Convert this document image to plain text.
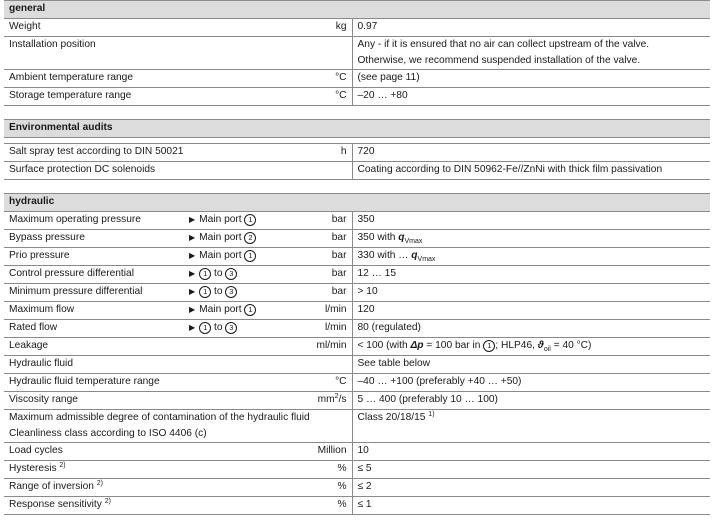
general			
Weight		kg	0.97
Installation position			Any - if it is ensured that no air can collect upstream of the valve.
Otherwise, we recommend suspended installation of the valve.

Ambient temperature range		°C	(see page 11)
Storage temperature range		°C	–20 … +80

Environmental audits			

Salt spray test according to DIN 50021		h	720
Surface protection DC solenoids			Coating according to DIN 50962-Fe//ZnNi with thick film passivation

hydraulic			
Maximum operating pressure	▶ Main port 1	bar	350
Bypass pressure	▶ Main port 2	bar	350 with $q_{Vmax}$
Prio pressure	▶ Main port 1	bar	330 with … $q_{Vmax}$
Control pressure differential	▶ 1 to 3	bar	12 … 15
Minimum pressure differential	▶ 1 to 3	bar	> 10
Maximum flow	▶ Main port 1	l/min	120
Rated flow	▶ 1 to 3	l/min	80 (regulated)
Leakage		ml/min	< 100 (with Δp = 100 bar in 1 ; HLP46, $ϑ_{oil} = 40$ °C)
Hydraulic fluid			See table below
Hydraulic fluid temperature range		°C	–40 … +100 (preferably +40 … +50)
Viscosity range		$mm^2/s$	5 … 400 (preferably 10 … 100)

Maximum admissible degree of contamination of the hydraulic fluid
Cleanliness class according to ISO 4406 (c)			Class 20/18/15 $^{1)}$
Load cycles		Million	10
Hysteresis $^{2)}$		%	≤ 5
Range of inversion $^{2)}$		%	≤ 2
Response sensitivity $^{2)}$		%	≤ 1
